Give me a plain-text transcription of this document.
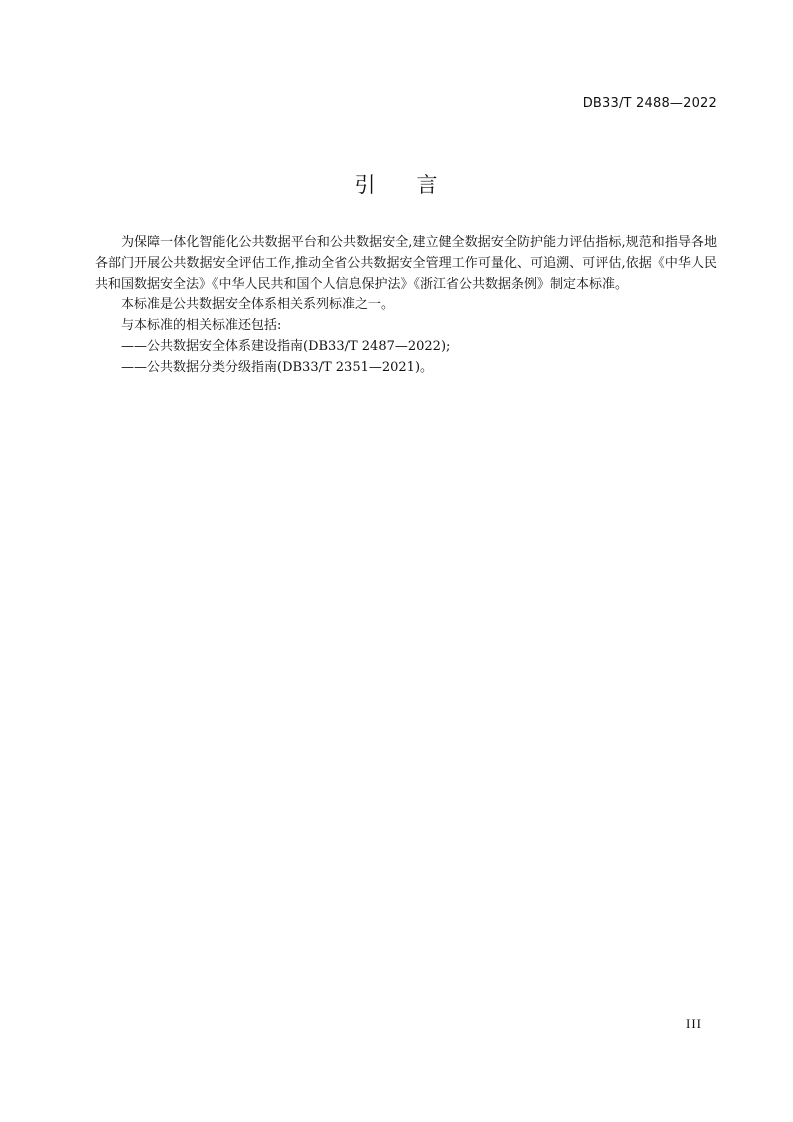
DB33/T 2488—2022
引 言

为保障一体化智能化公共数据平台和公共数据安全,建立健全数据安全防护能力评估指标,规范和指导各地各部门开展公共数据安全评估工作,推动全省公共数据安全管理工作可量化、可追溯、可评估,依据《中华人民共和国数据安全法》《中华人民共和国个人信息保护法》《浙江省公共数据条例》制定本标准。

本标准是公共数据安全体系相关系列标准之一。

与本标准的相关标准还包括:

——公共数据安全体系建设指南(DB33/T 2487—2022);

——公共数据分类分级指南(DB33/T 2351—2021)。

III
